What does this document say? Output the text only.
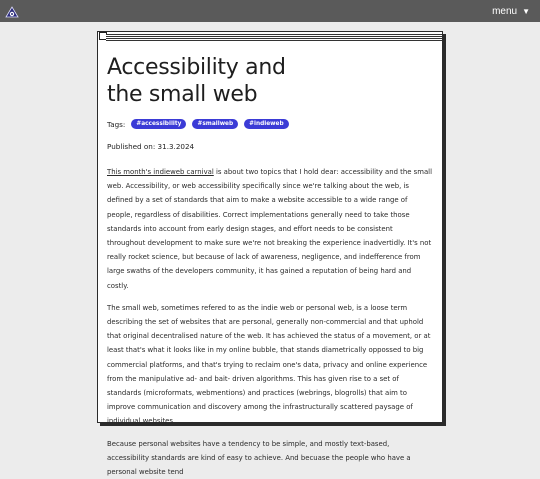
menu ▼
Accessibility and
the small web
Tags:	#accessibility	#smallweb	#indieweb
Published on: 31.3.2024

This month's indieweb carnival is about two topics that I hold dear: accessibility and the small web. Accessibility, or web accessibility specifically since we're talking about the web, is defined by a set of standards that aim to make a website accessible to a wide range of people, regardless of disabilities. Correct implementations generally need to take those standards into account from early design stages, and effort needs to be consistent throughout development to make sure we're not breaking the experience inadvertidly. It's not really rocket science, but because of lack of awareness, negligence, and indefference from large swaths of the developers community, it has gained a reputation of being hard and costly.

The small web, sometimes refered to as the indie web or personal web, is a loose term describing the set of websites that are personal, generally non-commercial and that uphold that original decentralised nature of the web. It has achieved the status of a movement, or at least that's what it looks like in my online bubble, that stands diametrically oppossed to big commercial platforms, and that's trying to reclaim one's data, privacy and online experience from the manipulative ad- and bait- driven algorithms. This has given rise to a set of standards (microformats, webmentions) and practices (webrings, blogrolls) that aim to improve communication and discovery among the infrastructurally scattered paysage of individual websites.

Because personal websites have a tendency to be simple, and mostly text-based, accessibility standards are kind of easy to achieve. And becuase the people who have a personal website tend
